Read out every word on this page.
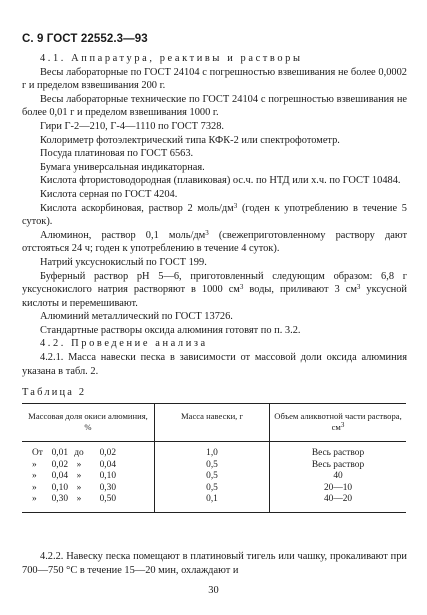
С. 9 ГОСТ 22552.3—93

4.1. Аппаратура, реактивы и растворы

Весы лабораторные по ГОСТ 24104 с погрешностью взвешивания не более 0,0002 г и пределом взвешивания 200 г.

Весы лабораторные технические по ГОСТ 24104 с погрешностью взвешивания не более 0,01 г и пределом взвешивания 1000 г.

Гири Г-2—210, Г-4—1110 по ГОСТ 7328.

Колориметр фотоэлектрический типа КФК-2 или спектрофотометр.

Посуда платиновая по ГОСТ 6563.

Бумага универсальная индикаторная.

Кислота фтористоводородная (плавиковая) ос.ч. по НТД или х.ч. по ГОСТ 10484.

Кислота серная по ГОСТ 4204.

Кислота аскорбиновая, раствор 2 моль/$дм^3$ (годен к употреблению в течение 5 суток).

Алюминон, раствор 0,1 моль/$дм^3$ (свежеприготовленному раствору дают отстояться 24 ч; годен к употреблению в течение 4 суток).

Натрий уксуснокислый по ГОСТ 199.

Буферный раствор pH 5—6, приготовленный следующим образом: 6,8 г уксуснокислого натрия растворяют в 1000 $см^3$ воды, приливают 3 $см^3$ уксусной кислоты и перемешивают.

Алюминий металлический по ГОСТ 13726.

Стандартные растворы оксида алюминия готовят по п. 3.2.

4.2. Проведение анализа

4.2.1. Масса навески песка в зависимости от массовой доли оксида алюминия указана в табл. 2.

Таблица 2
Массовая доля окиси алюминия, %	Масса навески, г	Объем аликвотной части раствора, $см^3$

От 0,01 до 0,02	1,0	Весь раствор

» 0,02 » 0,04	0,5	Весь раствор

» 0,04 » 0,10	0,5	40

» 0,10 » 0,30	0,5	20—10

» 0,30 » 0,50	0,1	40—20

4.2.2. Навеску песка помещают в платиновый тигель или чашку, прокаливают при 700—750 °С в течение 15—20 мин, охлаждают и

30
